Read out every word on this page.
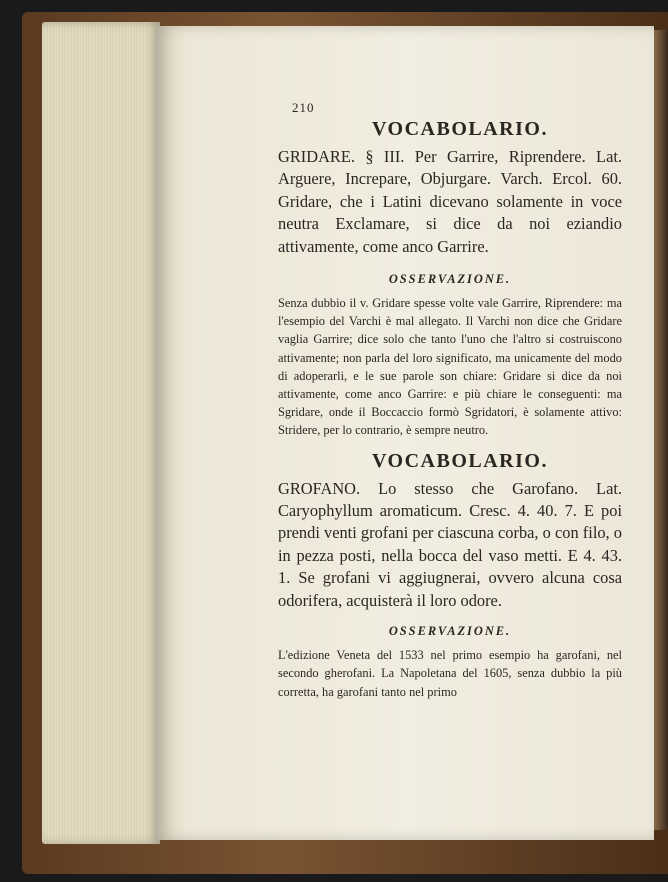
210
VOCABOLARIO.

GRIDARE. § III. Per Garrire, Riprendere. Lat. Arguere, Increpare, Objurgare. Varch. Ercol. 60. Gridare, che i Latini dicevano solamente in voce neutra Exclamare, si dice da noi eziandio attivamente, come anco Garrire.

OSSERVAZIONE.

Senza dubbio il v. Gridare spesse volte vale Garrire, Riprendere: ma l'esempio del Varchi è mal allegato. Il Varchi non dice che Gridare vaglia Garrire; dice solo che tanto l'uno che l'altro si costruiscono attivamente; non parla del loro significato, ma unicamente del modo di adoperarli, e le sue parole son chiare: Gridare si dice da noi attivamente, come anco Garrire: e più chiare le conseguenti: ma Sgridare, onde il Boccaccio formò Sgridatori, è solamente attivo: Stridere, per lo contrario, è sempre neutro.

VOCABOLARIO.

GROFANO. Lo stesso che Garofano. Lat. Caryophyllum aromaticum. Cresc. 4. 40. 7. E poi prendi venti grofani per ciascuna corba, o con filo, o in pezza posti, nella bocca del vaso metti. E 4. 43. 1. Se grofani vi aggiugnerai, ovvero alcuna cosa odorifera, acquisterà il loro odore.

OSSERVAZIONE.

L'edizione Veneta del 1533 nel primo esempio ha garofani, nel secondo gherofani. La Napoletana del 1605, senza dubbio la più corretta, ha garofani tanto nel primo
